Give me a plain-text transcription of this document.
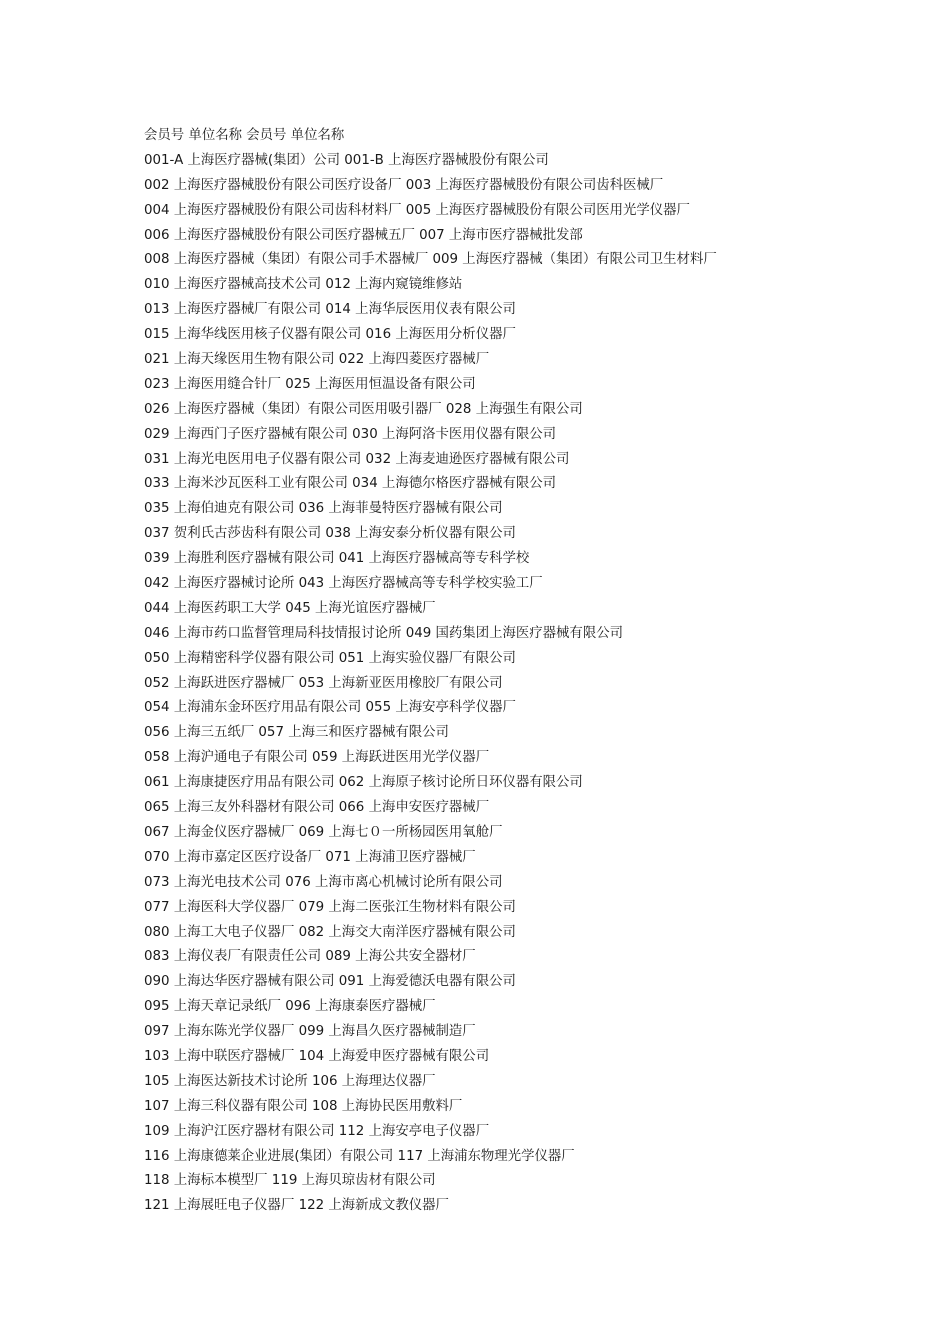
会员号 单位名称 会员号 单位名称
001-A 上海医疗器械(集团）公司 001-B 上海医疗器械股份有限公司
002 上海医疗器械股份有限公司医疗设备厂 003 上海医疗器械股份有限公司齿科医械厂
004 上海医疗器械股份有限公司齿科材料厂 005 上海医疗器械股份有限公司医用光学仪器厂
006 上海医疗器械股份有限公司医疗器械五厂 007 上海市医疗器械批发部
008 上海医疗器械（集团）有限公司手术器械厂 009 上海医疗器械（集团）有限公司卫生材料厂
010 上海医疗器械高技术公司 012 上海内窥镜维修站
013 上海医疗器械厂有限公司 014 上海华辰医用仪表有限公司
015 上海华线医用核子仪器有限公司 016 上海医用分析仪器厂
021 上海天缘医用生物有限公司 022 上海四菱医疗器械厂
023 上海医用缝合针厂 025 上海医用恒温设备有限公司
026 上海医疗器械（集团）有限公司医用吸引器厂 028 上海强生有限公司
029 上海西门子医疗器械有限公司 030 上海阿洛卡医用仪器有限公司
031 上海光电医用电子仪器有限公司 032 上海麦迪逊医疗器械有限公司
033 上海米沙瓦医科工业有限公司 034 上海德尔格医疗器械有限公司
035 上海伯迪克有限公司 036 上海菲曼特医疗器械有限公司
037 贺利氏古莎齿科有限公司 038 上海安泰分析仪器有限公司
039 上海胜利医疗器械有限公司 041 上海医疗器械高等专科学校
042 上海医疗器械讨论所 043 上海医疗器械高等专科学校实验工厂
044 上海医药职工大学 045 上海光谊医疗器械厂
046 上海市药口监督管理局科技情报讨论所 049 国药集团上海医疗器械有限公司
050 上海精密科学仪器有限公司 051 上海实验仪器厂有限公司
052 上海跃进医疗器械厂 053 上海新亚医用橡胶厂有限公司
054 上海浦东金环医疗用品有限公司 055 上海安亭科学仪器厂
056 上海三五纸厂 057 上海三和医疗器械有限公司
058 上海沪通电子有限公司 059 上海跃进医用光学仪器厂
061 上海康捷医疗用品有限公司 062 上海原子核讨论所日环仪器有限公司
065 上海三友外科器材有限公司 066 上海申安医疗器械厂
067 上海金仪医疗器械厂 069 上海七０一所杨园医用氧舱厂
070 上海市嘉定区医疗设备厂 071 上海浦卫医疗器械厂
073 上海光电技术公司 076 上海市离心机械讨论所有限公司
077 上海医科大学仪器厂 079 上海二医张江生物材料有限公司
080 上海工大电子仪器厂 082 上海交大南洋医疗器械有限公司
083 上海仪表厂有限责任公司 089 上海公共安全器材厂
090 上海达华医疗器械有限公司 091 上海爱德沃电器有限公司
095 上海天章记录纸厂 096 上海康泰医疗器械厂
097 上海东陈光学仪器厂 099 上海昌久医疗器械制造厂
103 上海中联医疗器械厂 104 上海爱申医疗器械有限公司
105 上海医达新技术讨论所 106 上海理达仪器厂
107 上海三科仪器有限公司 108 上海协民医用敷料厂
109 上海沪江医疗器材有限公司 112 上海安亭电子仪器厂
116 上海康德莱企业进展(集团）有限公司 117 上海浦东物理光学仪器厂
118 上海标本模型厂 119 上海贝琼齿材有限公司
121 上海展旺电子仪器厂 122 上海新成文教仪器厂
